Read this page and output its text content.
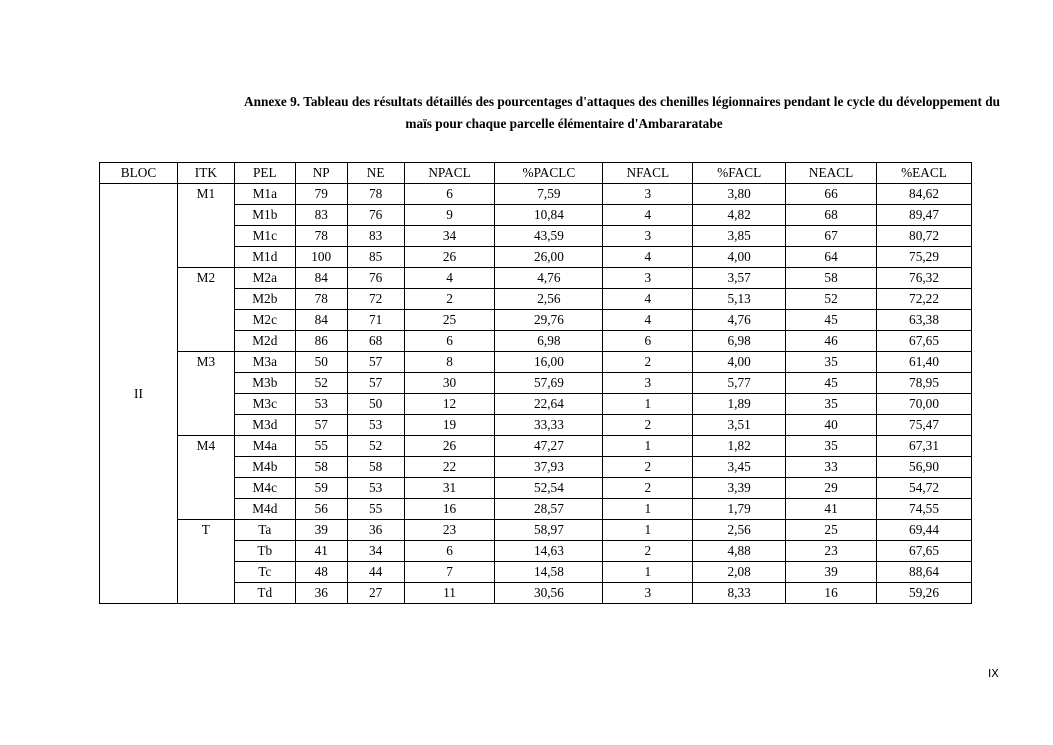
Annexe 9. Tableau des résultats détaillés des pourcentages d'attaques des chenilles légionnaires pendant le cycle du développement du
maïs pour chaque parcelle élémentaire d'Ambararatabe
BLOC	ITK	PEL	NP	NE	NPACL	%PACLC	NFACL	%FACL	NEACL	%EACL
II	M1	M1a	79	78	6	7,59	3	3,80	66	84,62
		M1b	83	76	9	10,84	4	4,82	68	89,47
		M1c	78	83	34	43,59	3	3,85	67	80,72
		M1d	100	85	26	26,00	4	4,00	64	75,29
	M2	M2a	84	76	4	4,76	3	3,57	58	76,32
		M2b	78	72	2	2,56	4	5,13	52	72,22
		M2c	84	71	25	29,76	4	4,76	45	63,38
		M2d	86	68	6	6,98	6	6,98	46	67,65
	M3	M3a	50	57	8	16,00	2	4,00	35	61,40
		M3b	52	57	30	57,69	3	5,77	45	78,95
		M3c	53	50	12	22,64	1	1,89	35	70,00
		M3d	57	53	19	33,33	2	3,51	40	75,47
	M4	M4a	55	52	26	47,27	1	1,82	35	67,31
		M4b	58	58	22	37,93	2	3,45	33	56,90
		M4c	59	53	31	52,54	2	3,39	29	54,72
		M4d	56	55	16	28,57	1	1,79	41	74,55
	T	Ta	39	36	23	58,97	1	2,56	25	69,44
		Tb	41	34	6	14,63	2	4,88	23	67,65
		Tc	48	44	7	14,58	1	2,08	39	88,64
		Td	36	27	11	30,56	3	8,33	16	59,26
IX
